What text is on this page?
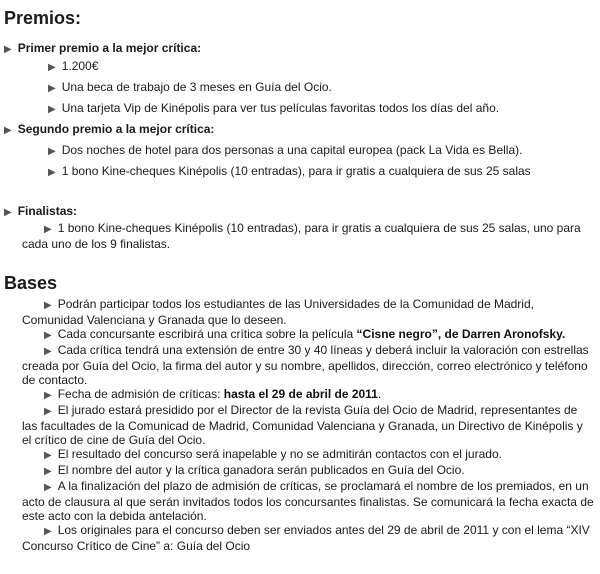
Premios:
▶ Primer premio a la mejor crítica:
▶ 1.200€
▶ Una beca de trabajo de 3 meses en Guía del Ocio.
▶ Una tarjeta Vip de Kinépolis para ver tus películas favoritas todos los días del año.
▶ Segundo premio a la mejor crítica:
▶ Dos noches de hotel para dos personas a una capital europea (pack La Vida es Bella).
▶ 1 bono Kine-cheques Kinépolis (10 entradas), para ir gratis a cualquiera de sus 25 salas
▶ Finalistas:
▶ 1 bono Kine-cheques Kinépolis (10 entradas), para ir gratis a cualquiera de sus 25 salas, uno para cada uno de los 9 finalistas.
Bases

▶ Podrán participar todos los estudiantes de las Universidades de la Comunidad de Madrid, Comunidad Valenciana y Granada que lo deseen.

▶ Cada concursante escribirá una crítica sobre la película “Cisne negro”, de Darren Aronofsky.

▶ Cada crítica tendrá una extensión de entre 30 y 40 líneas y deberá incluir la valoración con estrellas creada por Guía del Ocio, la firma del autor y su nombre, apellidos, dirección, correo electrónico y teléfono de contacto.

▶ Fecha de admisión de críticas: hasta el 29 de abril de 2011.

▶ El jurado estará presidido por el Director de la revista Guía del Ocio de Madrid, representantes de las facultades de la Comunicad de Madrid, Comunidad Valenciana y Granada, un Directivo de Kinépolis y el crítico de cine de Guía del Ocio.

▶ El resultado del concurso será inapelable y no se admitirán contactos con el jurado.

▶ El nombre del autor y la crítica ganadora serán publicados en Guía del Ocio.

▶ A la finalización del plazo de admisión de críticas, se proclamará el nombre de los premiados, en un acto de clausura al que serán invitados todos los concursantes finalistas. Se comunicará la fecha exacta de este acto con la debida antelación.

▶ Los originales para el concurso deben ser enviados antes del 29 de abril de 2011 y con el lema “XIV Concurso Crítico de Cine” a: Guía del Ocio
